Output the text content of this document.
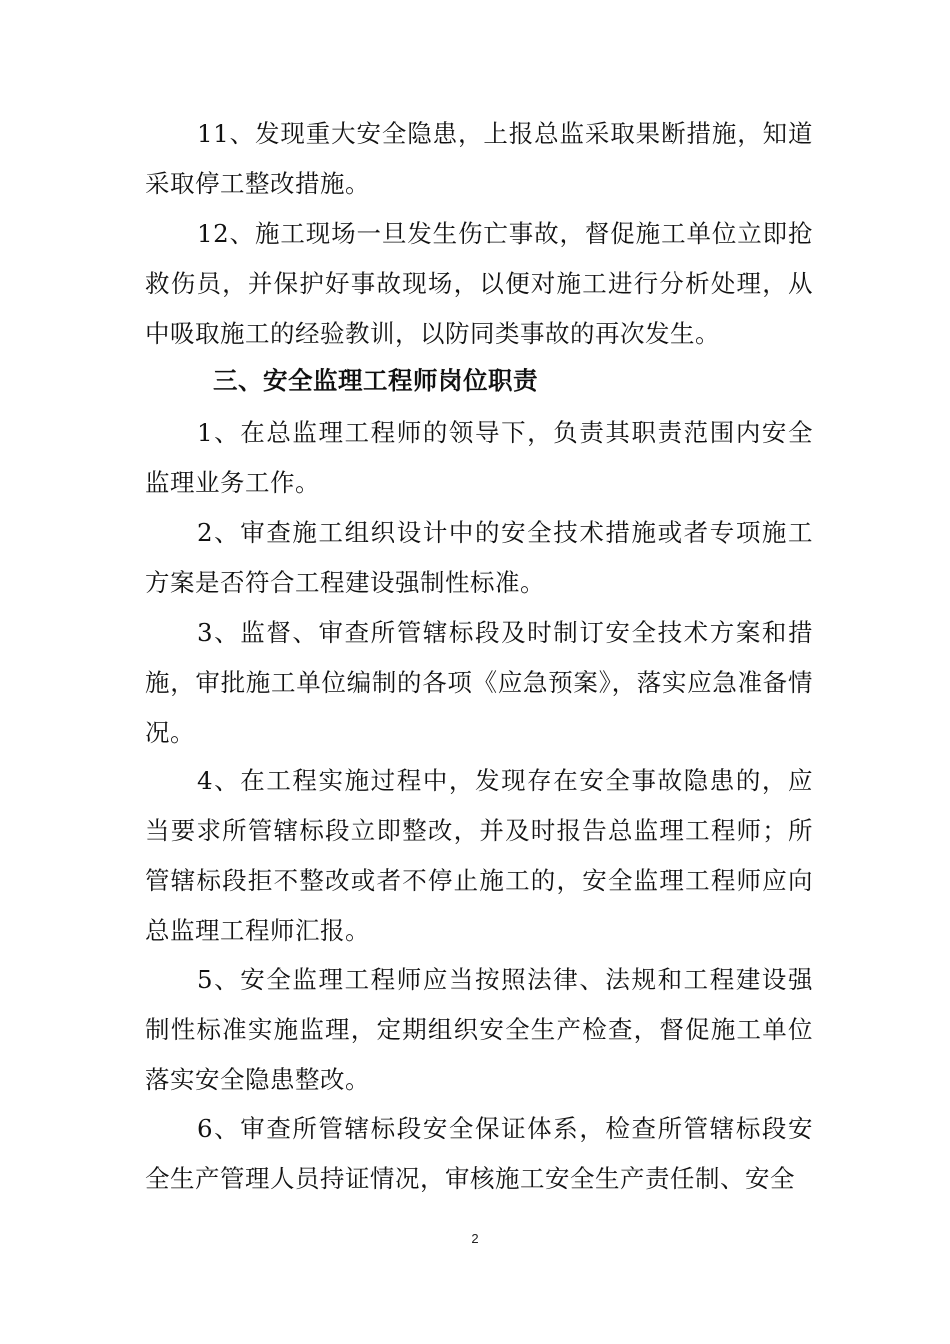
11、发现重大安全隐患，上报总监采取果断措施，知道采取停工整改措施。

12、施工现场一旦发生伤亡事故，督促施工单位立即抢救伤员，并保护好事故现场，以便对施工进行分析处理，从中吸取施工的经验教训，以防同类事故的再次发生。

三、安全监理工程师岗位职责

1、在总监理工程师的领导下，负责其职责范围内安全监理业务工作。

2、审查施工组织设计中的安全技术措施或者专项施工方案是否符合工程建设强制性标准。

3、监督、审查所管辖标段及时制订安全技术方案和措施，审批施工单位编制的各项《应急预案》，落实应急准备情况。

4、在工程实施过程中，发现存在安全事故隐患的，应当要求所管辖标段立即整改，并及时报告总监理工程师；所管辖标段拒不整改或者不停止施工的，安全监理工程师应向总监理工程师汇报。

5、安全监理工程师应当按照法律、法规和工程建设强制性标准实施监理，定期组织安全生产检查，督促施工单位落实安全隐患整改。

6、审查所管辖标段安全保证体系，检查所管辖标段安全生产管理人员持证情况，审核施工安全生产责任制、安全

2
